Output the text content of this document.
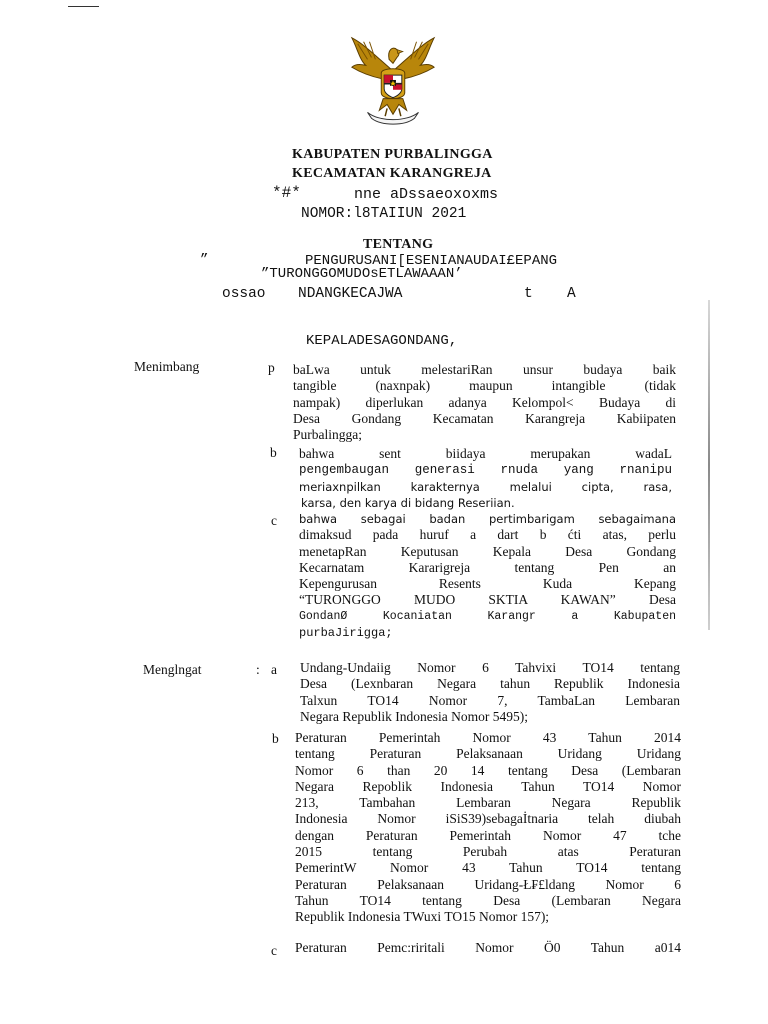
KABUPATEN PURBALINGGA
KECAMATAN KARANGREJA
*#*	nne aDssaeoxoxms
NOMOR:l8TAIIUN 2021
TENTANG
”	PENGURUSANI[ESENIANAUDAI£EPANG
”TURONGGOMUDOsETLAWAAAN’
ossao NDANGKECAJWA	t A
KEPALADESAGONDANG,
Menimbang	p baLwa untuk melestariRan unsur budaya baik
tangible (naxnpak) maupun intangible (tidak
nampak) diperlukan adanya Kelompol< Budaya di
Desa Gondang Kecamatan Karangreja Kabiipaten
Purbalingga;
b bahwa sent biidaya merupakan wadaL
pengembaugan generasi rnuda yang rnanipu
meriaxnpilkan karakternya melalui cipta, rasa,
karsa, den karya di bidang Reseriian.
c bahwa sebagai badan pertimbarigam sebagaimana
dimaksud pada huruf a dart b ćti atas, perlu
menetapRan Keputusan Kepala Desa Gondang
Kecarnatam Kararigreja tentang Pen an
Kepengurusan Resents Kuda Kepang
“TURONGGO MUDO SKTIA KAWAN” Desa
GondanØ Kocaniatan Karangr a Kabupaten
purbaJirigga;
Menglngat	: a Undang-Undaiig Nomor 6 Tahvixi TO14 tentang
Desa (Lexnbaran Negara tahun Republik Indonesia
Talxun TO14 Nomor 7, TambaLan Lembaran
Negara Republik Indonesia Nomor 5495);
b Peraturan Pemerintah Nomor 43 Tahun 2014
tentang Peraturan Pelaksanaan Uridang Uridang
Nomor 6 than 20 14 tentang Desa (Lembaran
Negara Repoblik Indonesia Tahun TO14 Nomor
213, Tambahan Lembaran Negara Republik
Indonesia Nomor iSiS39)sebagaİtnaria telah diubah
dengan Peraturan Pemerintah Nomor 47 tche
2015 tentang Perubah atas Peraturan
PemerintW Nomor 43 Tahun TO14 tentang
Peraturan Pelaksanaan Uridang-Ł₣£ldang Nomor 6
Tahun TO14 tentang Desa (Lembaran Negara
Republik Indonesia TWuxi TO15 Nomor 157);
c Peraturan Pemc:riritali Nomor Ö0 Tahun a014
